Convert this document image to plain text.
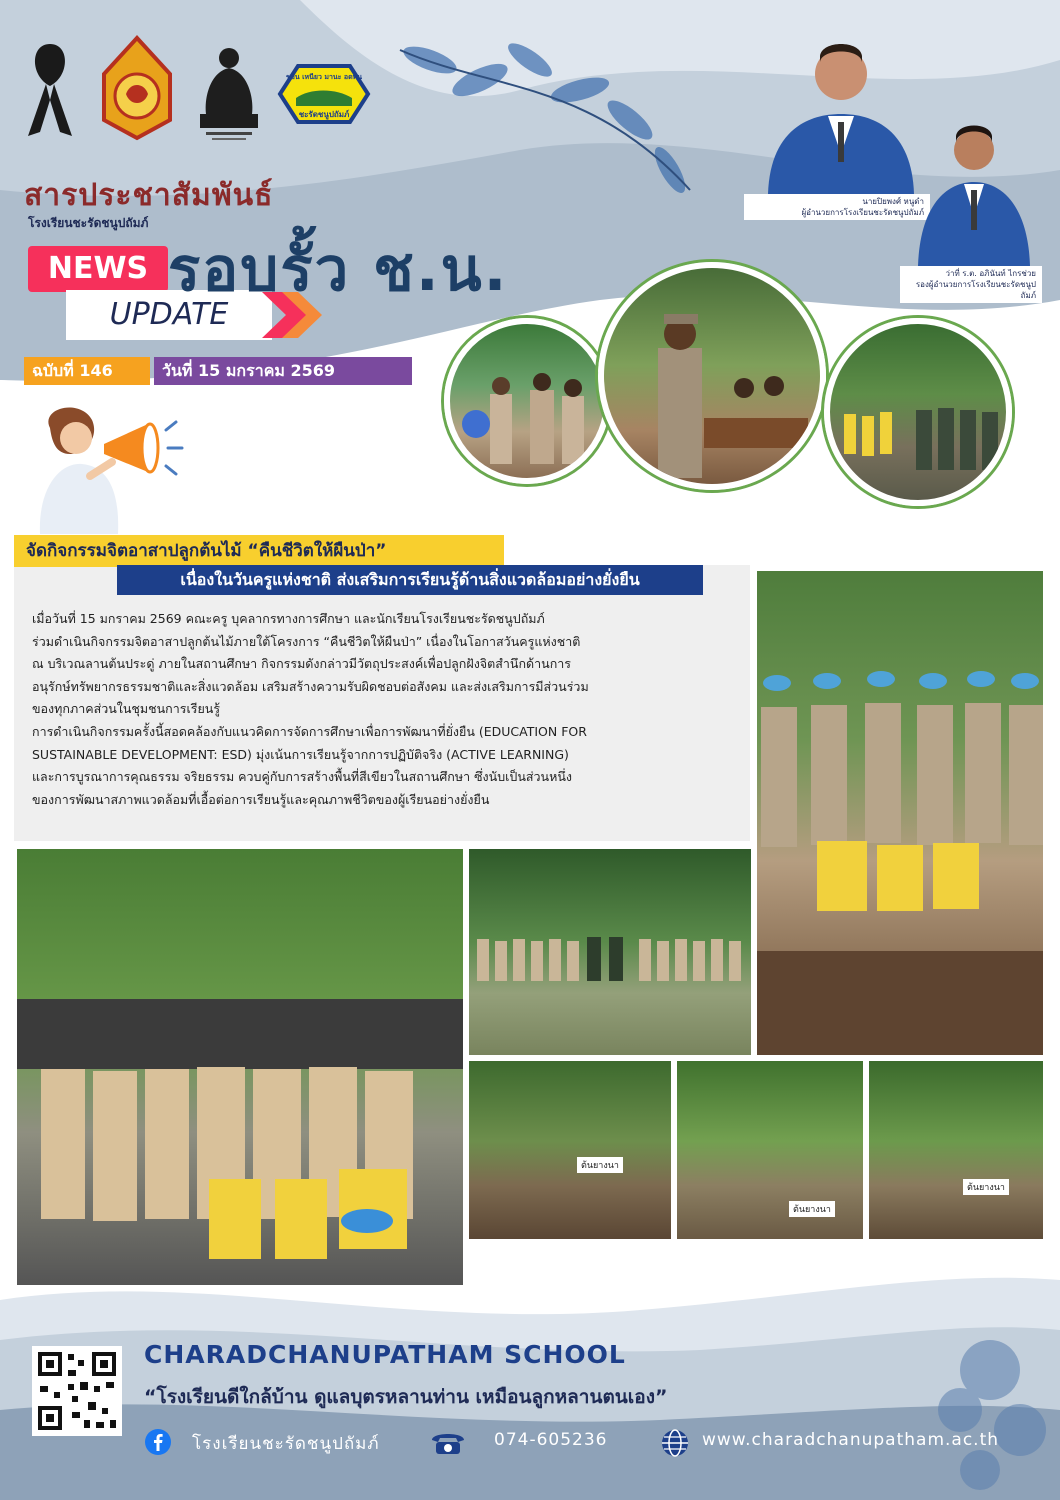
ขยัน เหนียว มานะ อดทน
ชะรัดชนูปถัมภ์
สารประชาสัมพันธ์
โรงเรียนชะรัดชนูปถัมภ์
NEWS
UPDATE
รอบรั้ว ช.น.
ฉบับที่ 146	วันที่ 15 มกราคม 2569
นายปิยพงศ์ หนูดำ
ผู้อำนวยการโรงเรียนชะรัดชนูปถัมภ์
ว่าที่ ร.ต. อภินันท์ ไกรช่วย
รองผู้อำนวยการโรงเรียนชะรัดชนูปถัมภ์
จัดกิจกรรมจิตอาสาปลูกต้นไม้ “คืนชีวิตให้ผืนป่า”
เนื่องในวันครูแห่งชาติ ส่งเสริมการเรียนรู้ด้านสิ่งแวดล้อมอย่างยั่งยืน
เมื่อวันที่ 15 มกราคม 2569 คณะครู บุคลากรทางการศึกษา และนักเรียนโรงเรียนชะรัดชนูปถัมภ์
ร่วมดำเนินกิจกรรมจิตอาสาปลูกต้นไม้ภายใต้โครงการ “คืนชีวิตให้ผืนป่า” เนื่องในโอกาสวันครูแห่งชาติ
ณ บริเวณลานต้นประดู่ ภายในสถานศึกษา กิจกรรมดังกล่าวมีวัตถุประสงค์เพื่อปลูกฝังจิตสำนึกด้านการ
อนุรักษ์ทรัพยากรธรรมชาติและสิ่งแวดล้อม เสริมสร้างความรับผิดชอบต่อสังคม และส่งเสริมการมีส่วนร่วม
ของทุกภาคส่วนในชุมชนการเรียนรู้
การดำเนินกิจกรรมครั้งนี้สอดคล้องกับแนวคิดการจัดการศึกษาเพื่อการพัฒนาที่ยั่งยืน (EDUCATION FOR
SUSTAINABLE DEVELOPMENT: ESD) มุ่งเน้นการเรียนรู้จากการปฏิบัติจริง (ACTIVE LEARNING)
และการบูรณาการคุณธรรม จริยธรรม ควบคู่กับการสร้างพื้นที่สีเขียวในสถานศึกษา ซึ่งนับเป็นส่วนหนึ่ง
ของการพัฒนาสภาพแวดล้อมที่เอื้อต่อการเรียนรู้และคุณภาพชีวิตของผู้เรียนอย่างยั่งยืน
ต้นยางนา
ต้นยางนา
ต้นยางนา
CHARADCHANUPATHAM SCHOOL
“โรงเรียนดีใกล้บ้าน ดูแลบุตรหลานท่าน เหมือนลูกหลานตนเอง”
โรงเรียนชะรัดชนูปถัมภ์	074-605236	www.charadchanupatham.ac.th
